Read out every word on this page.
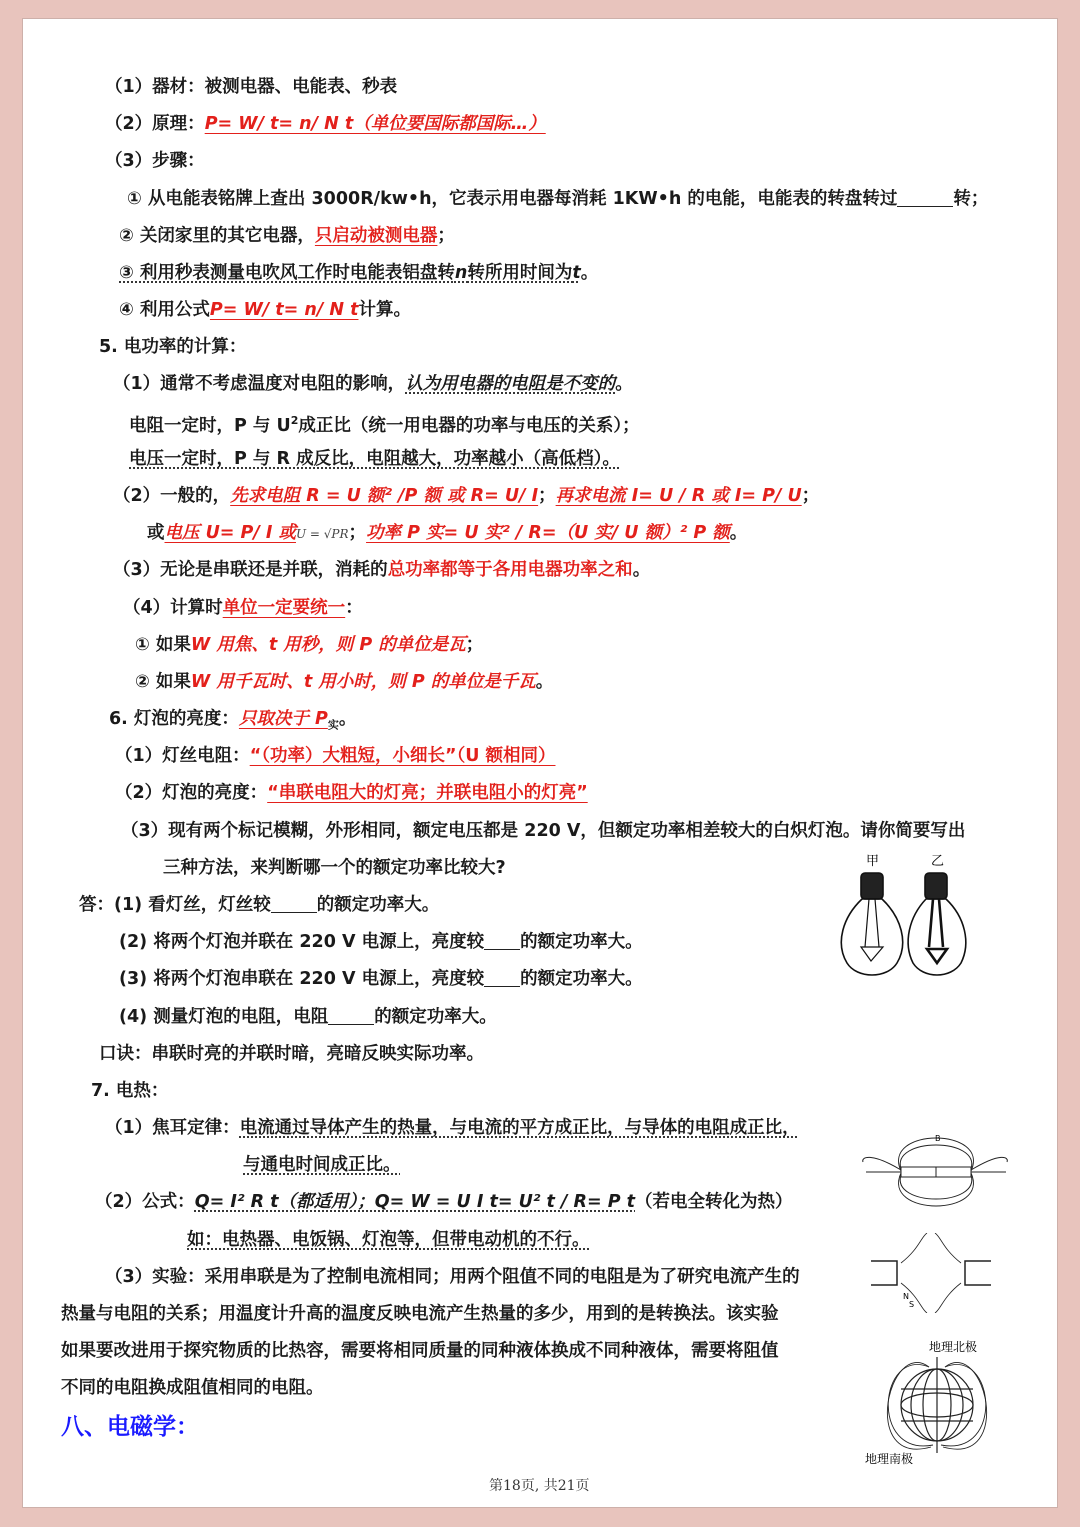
（1）器材：被测电器、电能表、秒表
（2）原理：P= W/ t= n/ N t（单位要国际都国际…）
（3）步骤：
① 从电能表铭牌上查出 3000R/kw•h，它表示用电器每消耗 1KW•h 的电能，电能表的转盘转过	转；
② 关闭家里的其它电器，只启动被测电器；
③ 利用秒表测量电吹风工作时电能表铝盘转n转所用时间为t。
④ 利用公式P= W/ t= n/ N t计算。
5. 电功率的计算：
（1）通常不考虑温度对电阻的影响，认为用电器的电阻是不变的。
电阻一定时，P 与 $U^2$成正比（统一用电器的功率与电压的关系）；
电压一定时，P 与 R 成反比，电阻越大，功率越小（高低档）。
（2）一般的，先求电阻 R = U 额² /P 额 或 R= U/ I；再求电流 I= U / R 或 I= P/ U；
或电压 U= P/ I 或U = √PR；功率 P 实= U 实² / R=（U 实/ U 额）² P 额。
（3）无论是串联还是并联，消耗的总功率都等于各用电器功率之和。
（4）计算时单位一定要统一：
① 如果W 用焦、t 用秒，则 P 的单位是瓦；
② 如果W 用千瓦时、t 用小时，则 P 的单位是千瓦。
6. 灯泡的亮度：只取决于 $P_实$。
（1）灯丝电阻：“（功率）大粗短，小细长”（U 额相同）
（2）灯泡的亮度：“串联电阻大的灯亮；并联电阻小的灯亮”
（3）现有两个标记模糊，外形相同，额定电压都是 220 V，但额定功率相差较大的白炽灯泡。请你简要写出
三种方法，来判断哪一个的额定功率比较大?
答：(1) 看灯丝，灯丝较	的额定功率大。
(2) 将两个灯泡并联在 220 V 电源上，亮度较 的额定功率大。
(3) 将两个灯泡串联在 220 V 电源上，亮度较 的额定功率大。
(4) 测量灯泡的电阻，电阻	的额定功率大。
口诀：串联时亮的并联时暗，亮暗反映实际功率。
7. 电热：
（1）焦耳定律：电流通过导体产生的热量，与电流的平方成正比，与导体的电阻成正比，
与通电时间成正比。
（2）公式：Q= I² R t（都适用）；Q= W = U I t= U² t / R= P t（若电全转化为热）
如：电热器、电饭锅、灯泡等，但带电动机的不行。
（3）实验：采用串联是为了控制电流相同；用两个阻值不同的电阻是为了研究电流产生的
热量与电阻的关系；用温度计升高的温度反映电流产生热量的多少，用到的是转换法。该实验
如果要改进用于探究物质的比热容，需要将相同质量的同种液体换成不同种液体，需要将阻值
不同的电阻换成阻值相同的电阻。
八、电磁学：
第18页, 共21页
甲	乙
B
N
S
地理北极
地理南极
